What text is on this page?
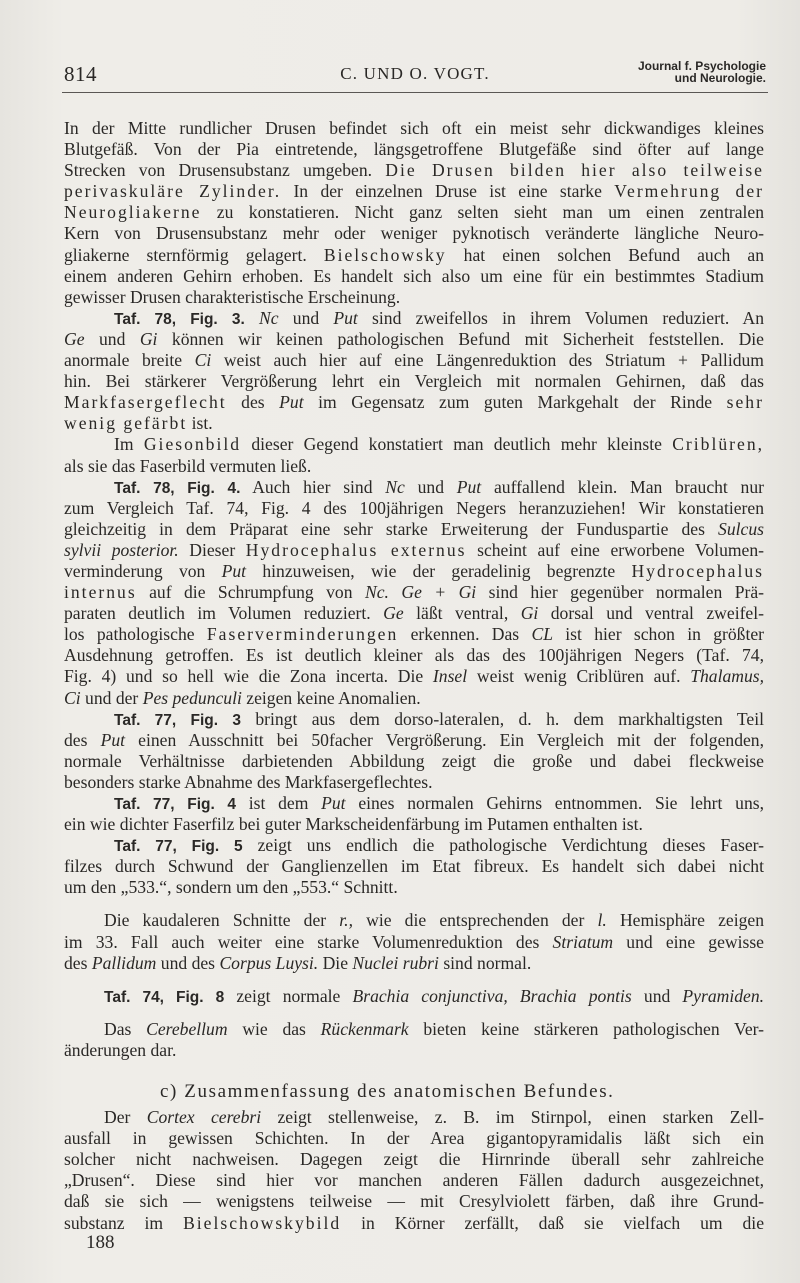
814	C. UND O. VOGT.	Journal f. Psychologie
und Neurologie.
In der Mitte rundlicher Drusen befindet sich oft ein meist sehr dickwandiges kleines
Blutgefäß. Von der Pia eintretende, längsgetroffene Blutgefäße sind öfter auf lange
Strecken von Drusensubstanz umgeben. Die Drusen bilden hier also teilweise
perivaskuläre Zylinder. In der einzelnen Druse ist eine starke Vermehrung der
Neurogliakerne zu konstatieren. Nicht ganz selten sieht man um einen zentralen
Kern von Drusensubstanz mehr oder weniger pyknotisch veränderte längliche Neuro-
gliakerne sternförmig gelagert. Bielschowsky hat einen solchen Befund auch an
einem anderen Gehirn erhoben. Es handelt sich also um eine für ein bestimmtes Stadium
gewisser Drusen charakteristische Erscheinung.
Taf. 78, Fig. 3. Nc und Put sind zweifellos in ihrem Volumen reduziert. An
Ge und Gi können wir keinen pathologischen Befund mit Sicherheit feststellen. Die
anormale breite Ci weist auch hier auf eine Längenreduktion des Striatum + Pallidum
hin. Bei stärkerer Vergrößerung lehrt ein Vergleich mit normalen Gehirnen, daß das
Markfasergeflecht des Put im Gegensatz zum guten Markgehalt der Rinde sehr
wenig gefärbt ist.
Im Giesonbild dieser Gegend konstatiert man deutlich mehr kleinste Criblüren,
als sie das Faserbild vermuten ließ.
Taf. 78, Fig. 4. Auch hier sind Nc und Put auffallend klein. Man braucht nur
zum Vergleich Taf. 74, Fig. 4 des 100jährigen Negers heranzuziehen! Wir konstatieren
gleichzeitig in dem Präparat eine sehr starke Erweiterung der Funduspartie des Sulcus
sylvii posterior. Dieser Hydrocephalus externus scheint auf eine erworbene Volumen-
verminderung von Put hinzuweisen, wie der geradelinig begrenzte Hydrocephalus
internus auf die Schrumpfung von Nc. Ge + Gi sind hier gegenüber normalen Prä-
paraten deutlich im Volumen reduziert. Ge läßt ventral, Gi dorsal und ventral zweifel-
los pathologische Faserverminderungen erkennen. Das CL ist hier schon in größter
Ausdehnung getroffen. Es ist deutlich kleiner als das des 100jährigen Negers (Taf. 74,
Fig. 4) und so hell wie die Zona incerta. Die Insel weist wenig Criblüren auf. Thalamus,
Ci und der Pes pedunculi zeigen keine Anomalien.
Taf. 77, Fig. 3 bringt aus dem dorso-lateralen, d. h. dem markhaltigsten Teil
des Put einen Ausschnitt bei 50facher Vergrößerung. Ein Vergleich mit der folgenden,
normale Verhältnisse darbietenden Abbildung zeigt die große und dabei fleckweise
besonders starke Abnahme des Markfasergeflechtes.
Taf. 77, Fig. 4 ist dem Put eines normalen Gehirns entnommen. Sie lehrt uns,
ein wie dichter Faserfilz bei guter Markscheidenfärbung im Putamen enthalten ist.
Taf. 77, Fig. 5 zeigt uns endlich die pathologische Verdichtung dieses Faser-
filzes durch Schwund der Ganglienzellen im Etat fibreux. Es handelt sich dabei nicht
um den „533.“, sondern um den „553.“ Schnitt.
Die kaudaleren Schnitte der r., wie die entsprechenden der l. Hemisphäre zeigen
im 33. Fall auch weiter eine starke Volumenreduktion des Striatum und eine gewisse
des Pallidum und des Corpus Luysi. Die Nuclei rubri sind normal.
Taf. 74, Fig. 8 zeigt normale Brachia conjunctiva, Brachia pontis und Pyramiden.
Das Cerebellum wie das Rückenmark bieten keine stärkeren pathologischen Ver-
änderungen dar.
c) Zusammenfassung des anatomischen Befundes.
Der Cortex cerebri zeigt stellenweise, z. B. im Stirnpol, einen starken Zell-
ausfall in gewissen Schichten. In der Area gigantopyramidalis läßt sich ein
solcher nicht nachweisen. Dagegen zeigt die Hirnrinde überall sehr zahlreiche
„Drusen“. Diese sind hier vor manchen anderen Fällen dadurch ausgezeichnet,
daß sie sich — wenigstens teilweise — mit Cresylviolett färben, daß ihre Grund-
substanz im Bielschowskybild in Körner zerfällt, daß sie vielfach um die
188
